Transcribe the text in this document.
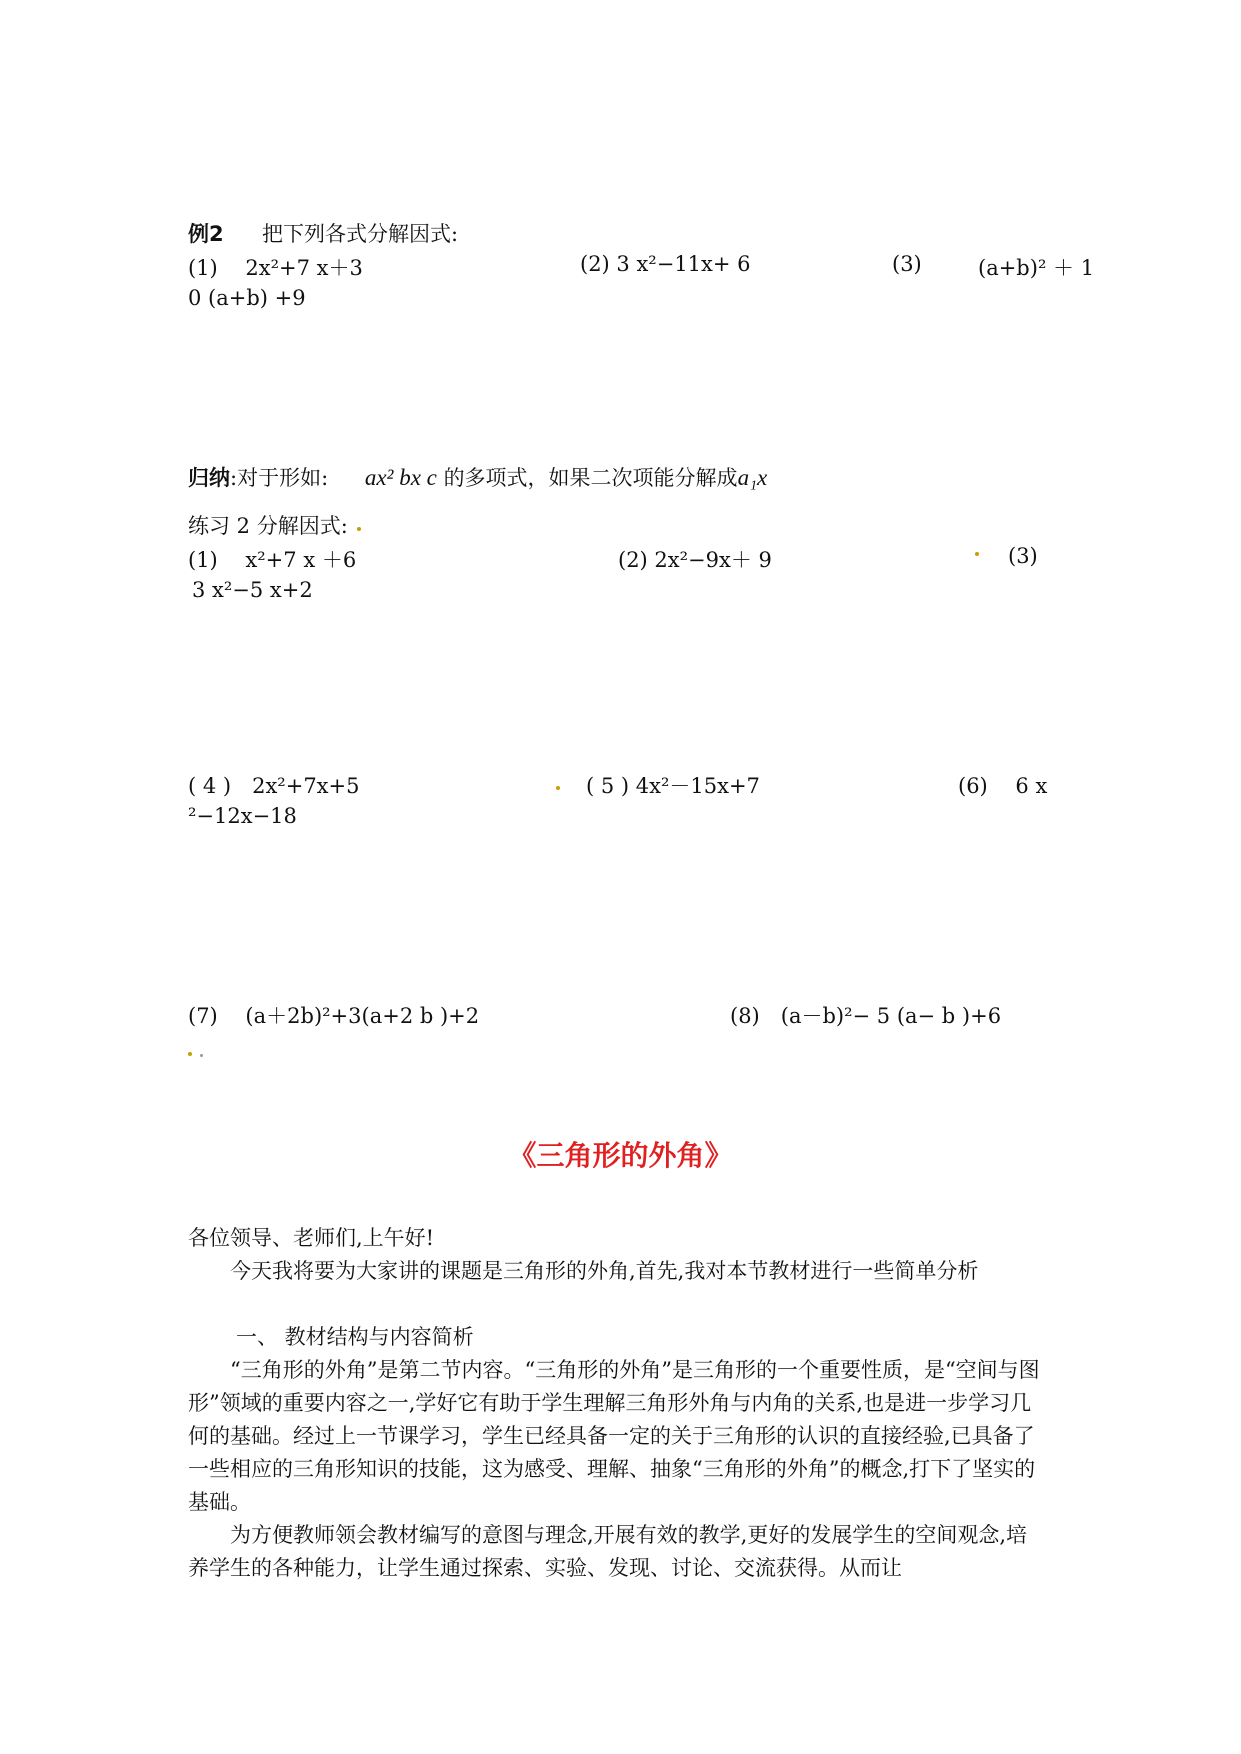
例2 把下列各式分解因式:
(1)　 2x²+7 x＋3	(2) 3 x²−11x+ 6	(3)	(a+b)² ＋ 1
0 (a+b) +9
归纳:对于形如: ax² bx c 的多项式，如果二次项能分解成a₁x
练习 2 分解因式:
(1)　 x²+7 x ＋6	(2) 2x²−9x＋ 9	(3)
3 x²−5 x+2
( 4 )　2x²+7x+5	( 5 ) 4x²－15x+7	(6)　 6 x
²−12x−18
(7)　 (a＋2b)²+3(a+2 b )+2	(8)　(a－b)²− 5 (a− b )+6
《三角形的外角》
各位领导、老师们,上午好!
今天我将要为大家讲的课题是三角形的外角,首先,我对本节教材进行一些简单分析
一、 教材结构与内容简析
“三角形的外角”是第二节内容。“三角形的外角”是三角形的一个重要性质，是“空间与图形”领域的重要内容之一,学好它有助于学生理解三角形外角与内角的关系,也是进一步学习几何的基础。经过上一节课学习，学生已经具备一定的关于三角形的认识的直接经验,已具备了一些相应的三角形知识的技能，这为感受、理解、抽象“三角形的外角”的概念,打下了坚实的基础。
为方便教师领会教材编写的意图与理念,开展有效的教学,更好的发展学生的空间观念,培养学生的各种能力，让学生通过探索、实验、发现、讨论、交流获得。从而让
